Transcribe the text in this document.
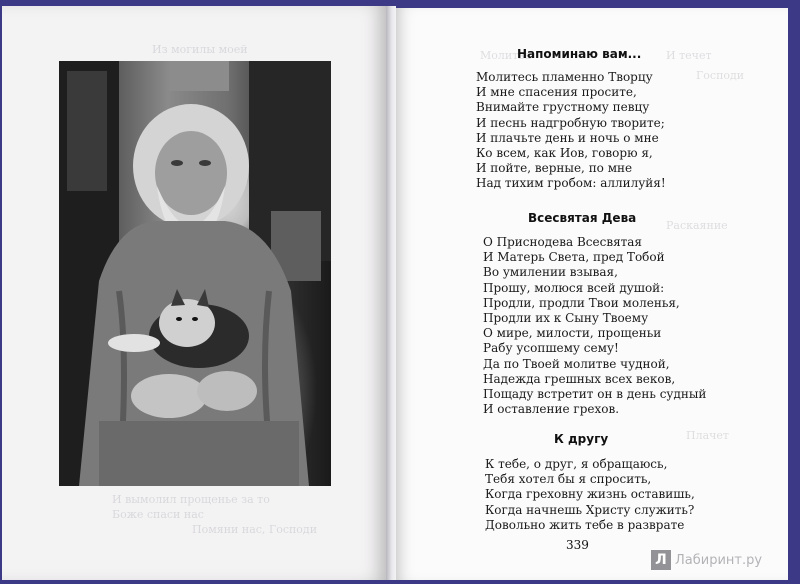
Из могилы моей
И вымолил прощенье за то
Боже спаси нас
Помяни нас, Господи
Молитва	И течет
Господи
Раскаяние
Плачет
Напоминаю вам...
Молитесь пламенно Творцу
И мне спасения просите,
Внимайте грустному певцу
И песнь надгробную творите;
И плачьте день и ночь о мне
Ко всем, как Иов, говорю я,
И пойте, верные, по мне
Над тихим гробом: аллилуйя!
Всесвятая Дева
О Приснодева Всесвятая
И Матерь Света, пред Тобой
Во умилении взывая,
Прошу, молюся всей душой:
Продли, продли Твои моленья,
Продли их к Сыну Твоему
О мире, милости, прощеньи
Рабу усопшему сему!
Да по Твоей молитве чудной,
Надежда грешных всех веков,
Пощаду встретит он в день судный
И оставление грехов.
К другу
К тебе, о друг, я обращаюсь,
Тебя хотел бы я спросить,
Когда греховну жизнь оставишь,
Когда начнешь Христу служить?
Довольно жить тебе в разврате
339
Л Лабиринт.ру
